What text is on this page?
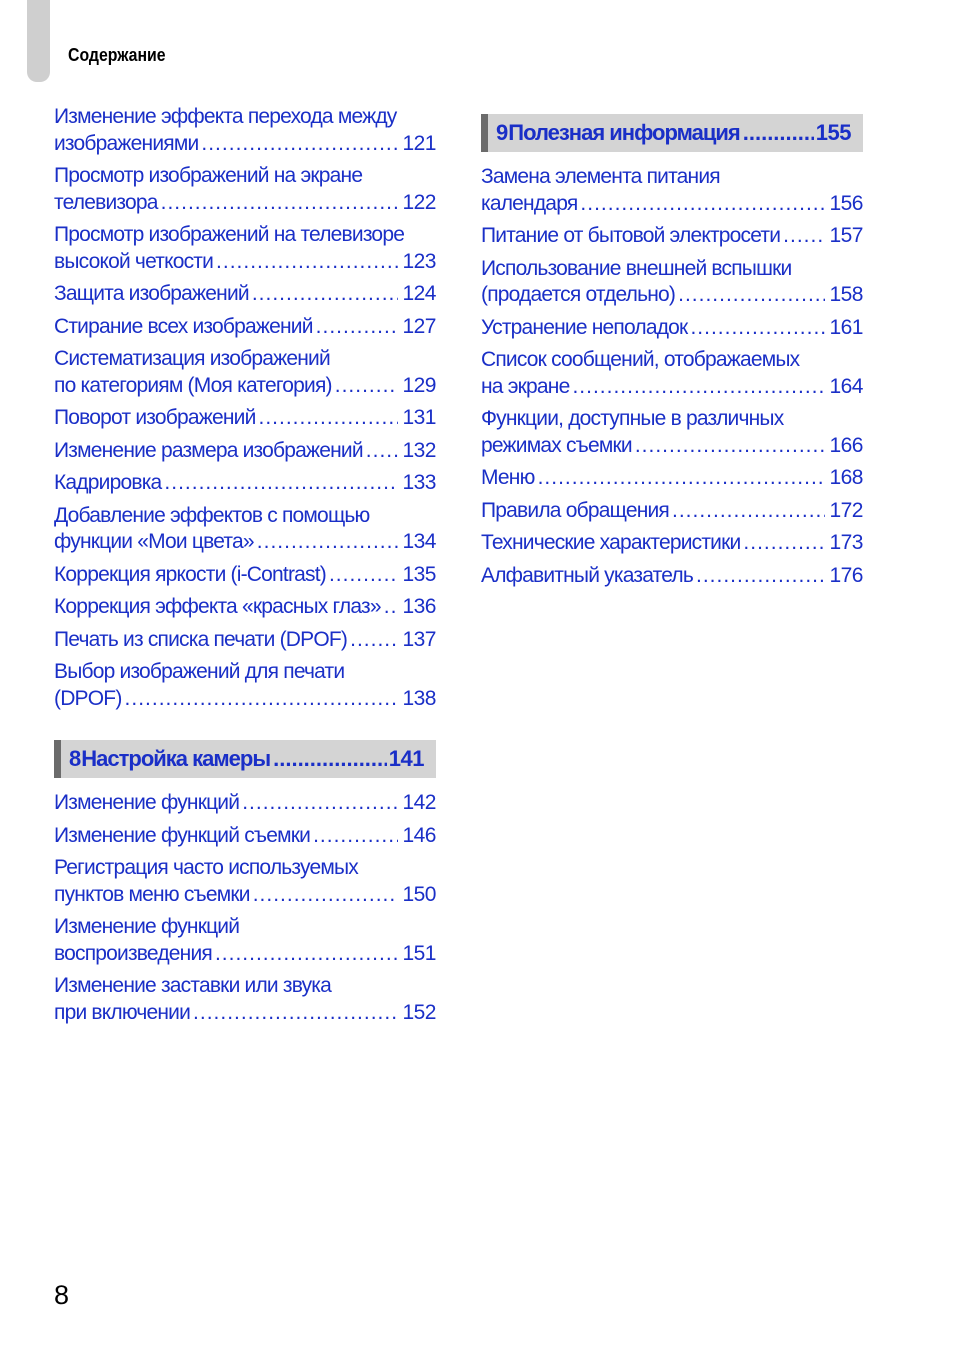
Содержание
Изменение эффекта перехода между
изображениями .....	121
Просмотр изображений на экране
телевизора .....	122
Просмотр изображений на телевизоре
высокой четкости .....	123
Защита изображений .....	124
Стирание всех изображений .....	127
Систематизация изображений
по категориям (Моя категория) .....	129
Поворот изображений .....	131
Изменение размера изображений ..... 132
Кадрировка .....	133
Добавление эффектов с помощью
функции «Мои цвета» .....	134
Коррекция яркости (i-Contrast) .....	135
Коррекция эффекта «красных глаз» ..... 136
Печать из списка печати (DPOF) .....	137
Выбор изображений для печати
(DPOF) .....	138
8 Настройка камеры .....	141
Изменение функций .....	142
Изменение функций съемки .....	146
Регистрация часто используемых
пунктов меню съемки .....	150
Изменение функций
воспроизведения .....	151
Изменение заставки или звука
при включении .....	152
9 Полезная информация .....	155
Замена элемента питания
календаря .....	156
Питание от бытовой электросети ..... 157
Использование внешней вспышки
(продается отдельно) .....	158
Устранение неполадок .....	161
Список сообщений, отображаемых
на экране .....	164
Функции, доступные в различных
режимах съемки .....	166
Меню .....	168
Правила обращения .....	172
Технические характеристики .....	173
Алфавитный указатель .....	176
8
